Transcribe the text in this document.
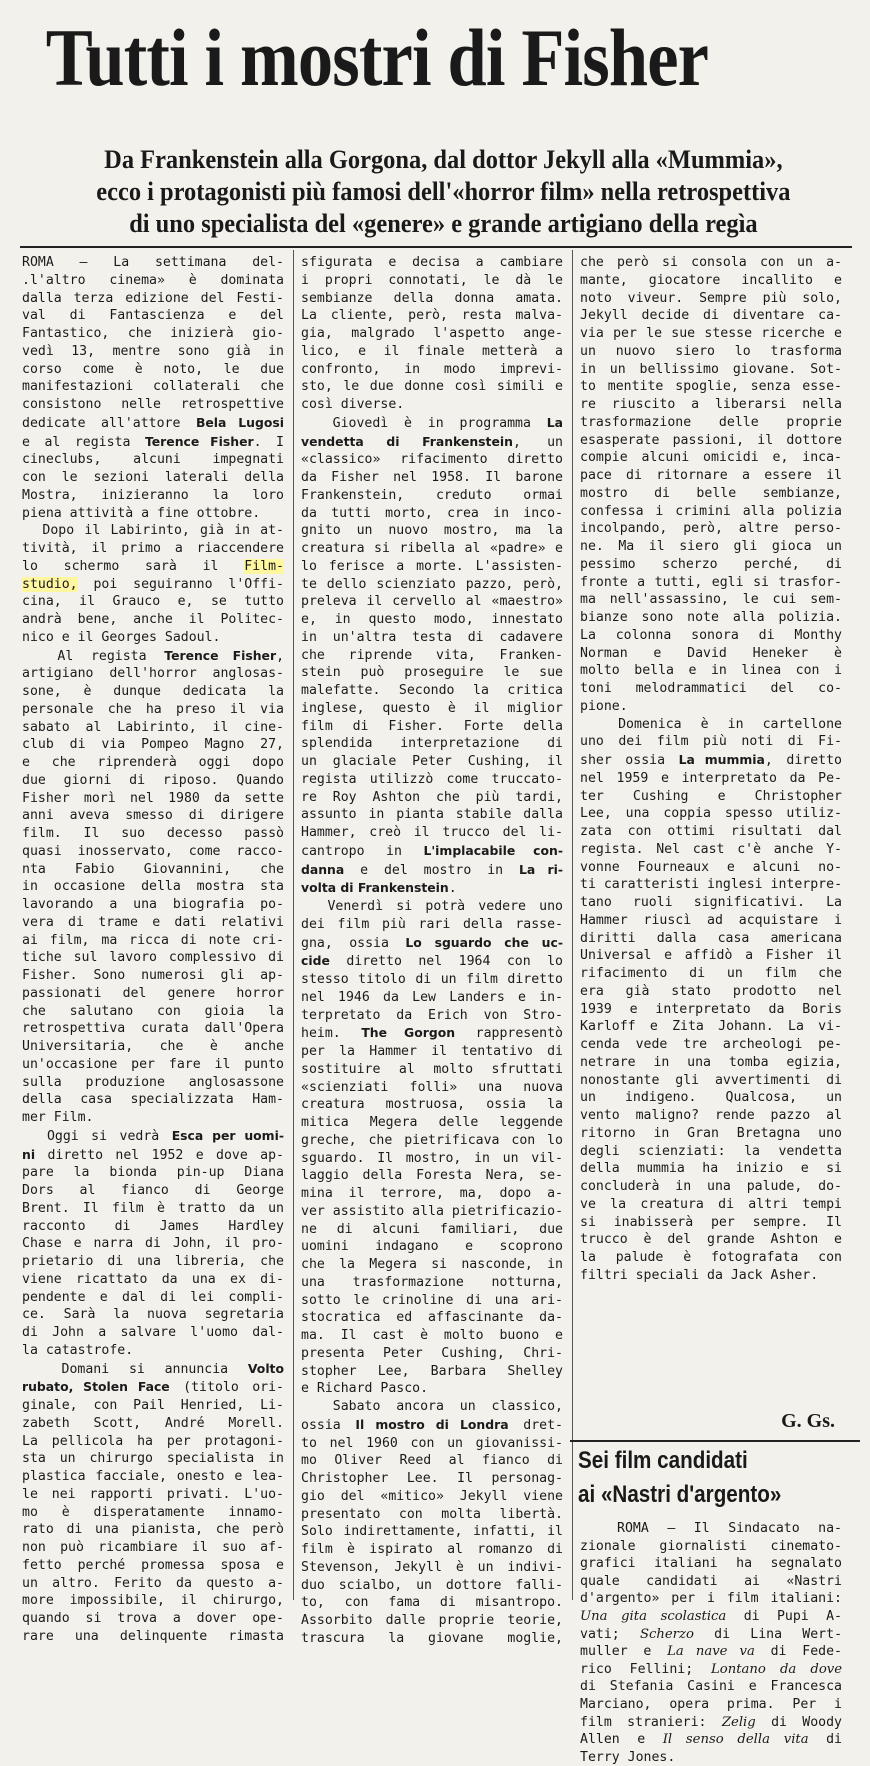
Tutti i mostri di Fisher
Da Frankenstein alla Gorgona, dal dottor Jekyll alla «Mummia»,
ecco i protagonisti più famosi dell'«horror film» nella retrospettiva
di uno specialista del «genere» e grande artigiano della regìa
ROMA — La settimana del-
.l'altro cinema» è dominata
dalla terza edizione del Festi-
val di Fantascienza e del
Fantastico, che inizierà gio-
vedì 13, mentre sono già in
corso come è noto, le due
manifestazioni collaterali che
consistono nelle retrospettive
dedicate all'attore Bela Lugosi
e al regista Terence Fisher. I
cineclubs, alcuni impegnati
con le sezioni laterali della
Mostra, inizieranno la loro
piena attività a fine ottobre.
Dopo il Labirinto, già in at-
tività, il primo a riaccendere
lo schermo sarà il Film-
studio, poi seguiranno l'Offi-
cina, il Grauco e, se tutto
andrà bene, anche il Politec-
nico e il Georges Sadoul.
Al regista Terence Fisher,
artigiano dell'horror anglosas-
sone, è dunque dedicata la
personale che ha preso il via
sabato al Labirinto, il cine-
club di via Pompeo Magno 27,
e che riprenderà oggi dopo
due giorni di riposo. Quando
Fisher morì nel 1980 da sette
anni aveva smesso di dirigere
film. Il suo decesso passò
quasi inosservato, come racco-
nta Fabio Giovannini, che
in occasione della mostra sta
lavorando a una biografia po-
vera di trame e dati relativi
ai film, ma ricca di note cri-
tiche sul lavoro complessivo di
Fisher. Sono numerosi gli ap-
passionati del genere horror
che salutano con gioia la
retrospettiva curata dall'Opera
Universitaria, che è anche
un'occasione per fare il punto
sulla produzione anglosassone
della casa specializzata Ham-
mer Film.
Oggi si vedrà Esca per uomi-
ni diretto nel 1952 e dove ap-
pare la bionda pin-up Diana
Dors al fianco di George
Brent. Il film è tratto da un
racconto di James Hardley
Chase e narra di John, il pro-
prietario di una libreria, che
viene ricattato da una ex di-
pendente e dal di lei compli-
ce. Sarà la nuova segretaria
di John a salvare l'uomo dal-
la catastrofe.
Domani si annuncia Volto
rubato, Stolen Face (titolo ori-
ginale, con Pail Henried, Li-
zabeth Scott, André Morell.
La pellicola ha per protagoni-
sta un chirurgo specialista in
plastica facciale, onesto e lea-
le nei rapporti privati. L'uo-
mo è disperatamente innamo-
rato di una pianista, che però
non può ricambiare il suo af-
fetto perché promessa sposa e
un altro. Ferito da questo a-
more impossibile, il chirurgo,
quando si trova a dover ope-
rare una delinquente rimasta
sfigurata e decisa a cambiare
i propri connotati, le dà le
sembianze della donna amata.
La cliente, però, resta malva-
gia, malgrado l'aspetto ange-
lico, e il finale metterà a
confronto, in modo imprevi-
sto, le due donne così simili e
così diverse.
Giovedì è in programma La
vendetta di Frankenstein, un
«classico» rifacimento diretto
da Fisher nel 1958. Il barone
Frankenstein, creduto ormai
da tutti morto, crea in inco-
gnito un nuovo mostro, ma la
creatura si ribella al «padre» e
lo ferisce a morte. L'assisten-
te dello scienziato pazzo, però,
preleva il cervello al «maestro»
e, in questo modo, innestato
in un'altra testa di cadavere
che riprende vita, Franken-
stein può proseguire le sue
malefatte. Secondo la critica
inglese, questo è il miglior
film di Fisher. Forte della
splendida interpretazione di
un glaciale Peter Cushing, il
regista utilizzò come truccato-
re Roy Ashton che più tardi,
assunto in pianta stabile dalla
Hammer, creò il trucco del li-
cantropo in L'implacabile con-
danna e del mostro in La ri-
volta di Frankenstein.
Venerdì si potrà vedere uno
dei film più rari della rasse-
gna, ossia Lo sguardo che uc-
cide diretto nel 1964 con lo
stesso titolo di un film diretto
nel 1946 da Lew Landers e in-
terpretato da Erich von Stro-
heim. The Gorgon rappresentò
per la Hammer il tentativo di
sostituire al molto sfruttati
«scienziati folli» una nuova
creatura mostruosa, ossia la
mitica Megera delle leggende
greche, che pietrificava con lo
sguardo. Il mostro, in un vil-
laggio della Foresta Nera, se-
mina il terrore, ma, dopo a-
ver assistito alla pietrificazio-
ne di alcuni familiari, due
uomini indagano e scoprono
che la Megera si nasconde, in
una trasformazione notturna,
sotto le crinoline di una ari-
stocratica ed affascinante da-
ma. Il cast è molto buono e
presenta Peter Cushing, Chri-
stopher Lee, Barbara Shelley
e Richard Pasco.
Sabato ancora un classico,
ossia Il mostro di Londra dret-
to nel 1960 con un giovanissi-
mo Oliver Reed al fianco di
Christopher Lee. Il personag-
gio del «mitico» Jekyll viene
presentato con molta libertà.
Solo indirettamente, infatti, il
film è ispirato al romanzo di
Stevenson, Jekyll è un indivi-
duo scialbo, un dottore falli-
to, con fama di misantropo.
Assorbito dalle proprie teorie,
trascura la giovane moglie,
che però si consola con un a-
mante, giocatore incallito e
noto viveur. Sempre più solo,
Jekyll decide di diventare ca-
via per le sue stesse ricerche e
un nuovo siero lo trasforma
in un bellissimo giovane. Sot-
to mentite spoglie, senza esse-
re riuscito a liberarsi nella
trasformazione delle proprie
esasperate passioni, il dottore
compie alcuni omicidi e, inca-
pace di ritornare a essere il
mostro di belle sembianze,
confessa i crimini alla polizia
incolpando, però, altre perso-
ne. Ma il siero gli gioca un
pessimo scherzo perché, di
fronte a tutti, egli si trasfor-
ma nell'assassino, le cui sem-
bianze sono note alla polizia.
La colonna sonora di Monthy
Norman e David Heneker è
molto bella e in linea con i
toni melodrammatici del co-
pione.
Domenica è in cartellone
uno dei film più noti di Fi-
sher ossia La mummia, diretto
nel 1959 e interpretato da Pe-
ter Cushing e Christopher
Lee, una coppia spesso utiliz-
zata con ottimi risultati dal
regista. Nel cast c'è anche Y-
vonne Fourneaux e alcuni no-
ti caratteristi inglesi interpre-
tano ruoli significativi. La
Hammer riuscì ad acquistare i
diritti dalla casa americana
Universal e affidò a Fisher il
rifacimento di un film che
era già stato prodotto nel
1939 e interpretato da Boris
Karloff e Zita Johann. La vi-
cenda vede tre archeologi pe-
netrare in una tomba egizia,
nonostante gli avvertimenti di
un indigeno. Qualcosa, un
vento maligno? rende pazzo al
ritorno in Gran Bretagna uno
degli scienziati: la vendetta
della mummia ha inizio e si
concluderà in una palude, do-
ve la creatura di altri tempi
si inabisserà per sempre. Il
trucco è del grande Ashton e
la palude è fotografata con
filtri speciali da Jack Asher.
G. Gs.
Sei film candidati
ai «Nastri d'argento»
ROMA — Il Sindacato na-
zionale giornalisti cinemato-
grafici italiani ha segnalato
quale candidati ai «Nastri
d'argento» per i film italiani:
Una gita scolastica di Pupi A-
vati; Scherzo di Lina Wert-
muller e La nave va di Fede-
rico Fellini; Lontano da dove
di Stefania Casini e Francesca
Marciano, opera prima. Per i
film stranieri: Zelig di Woody
Allen e Il senso della vita di
Terry Jones.
